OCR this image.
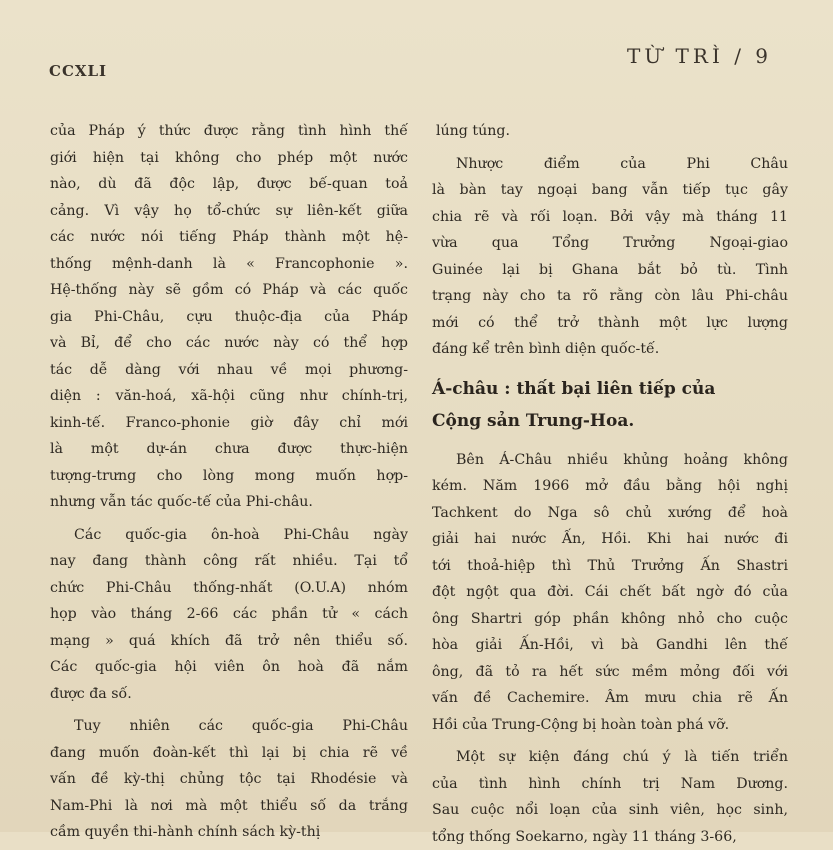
CCXLI
TỪ TRÌ / 9
của Pháp ý thức được rằng tình hình thế
giới hiện tại không cho phép một nước
nào, dù đã độc lập, được bế-quan toả
cảng. Vì vậy họ tổ-chức sự liên-kết giữa
các nước nói tiếng Pháp thành một hệ-
thống mệnh-danh là « Francophonie ».
Hệ-thống này sẽ gồm có Pháp và các quốc
gia Phi-Châu, cựu thuộc-địa của Pháp
và Bỉ, để cho các nước này có thể hợp
tác dễ dàng với nhau về mọi phương-
diện : văn-hoá, xã-hội cũng như chính-trị,
kinh-tế. Franco-phonie giờ đây chỉ mới
là một dự-án chưa được thực-hiện
tượng-trưng cho lòng mong muốn hợp-
nhưng vẫn tác quốc-tế của Phi-châu.
Các quốc-gia ôn-hoà Phi-Châu ngày
nay đang thành công rất nhiều. Tại tổ
chức Phi-Châu thống-nhất (O.U.A) nhóm
họp vào tháng 2-66 các phần tử « cách
mạng » quá khích đã trở nên thiểu số.
Các quốc-gia hội viên ôn hoà đã nắm
được đa số.
Tuy nhiên các quốc-gia Phi-Châu
đang muốn đoàn-kết thì lại bị chia rẽ về
vấn đề kỳ-thị chủng tộc tại Rhodésie và
Nam-Phi là nơi mà một thiểu số da trắng
cầm quyền thi-hành chính sách kỳ-thị
lúng túng.
Nhược điểm của Phi Châu
là bàn tay ngoại bang vẫn tiếp tục gây
chia rẽ và rối loạn. Bởi vậy mà tháng 11
vừa qua Tổng Trưởng Ngoại-giao
Guinée lại bị Ghana bắt bỏ tù. Tình
trạng này cho ta rõ rằng còn lâu Phi-châu
mới có thể trở thành một lực lượng
đáng kể trên bình diện quốc-tế.
Á-châu : thất bại liên tiếp của
Cộng sản Trung-Hoa.
Bên Á-Châu nhiều khủng hoảng không
kém. Năm 1966 mở đầu bằng hội nghị
Tachkent do Nga sô chủ xướng để hoà
giải hai nước Ấn, Hồi. Khi hai nước đi
tới thoả-hiệp thì Thủ Trưởng Ấn Shastri
đột ngột qua đời. Cái chết bất ngờ đó của
ông Shartri góp phần không nhỏ cho cuộc
hòa giải Ấn-Hồi, vì bà Gandhi lên thế
ông, đã tỏ ra hết sức mềm mỏng đối với
vấn đề Cachemire. Âm mưu chia rẽ Ấn
Hồi của Trung-Cộng bị hoàn toàn phá vỡ.
Một sự kiện đáng chú ý là tiến triển
của tình hình chính trị Nam Dương.
Sau cuộc nổi loạn của sinh viên, học sinh,
tổng thống Soekarno, ngày 11 tháng 3-66,
